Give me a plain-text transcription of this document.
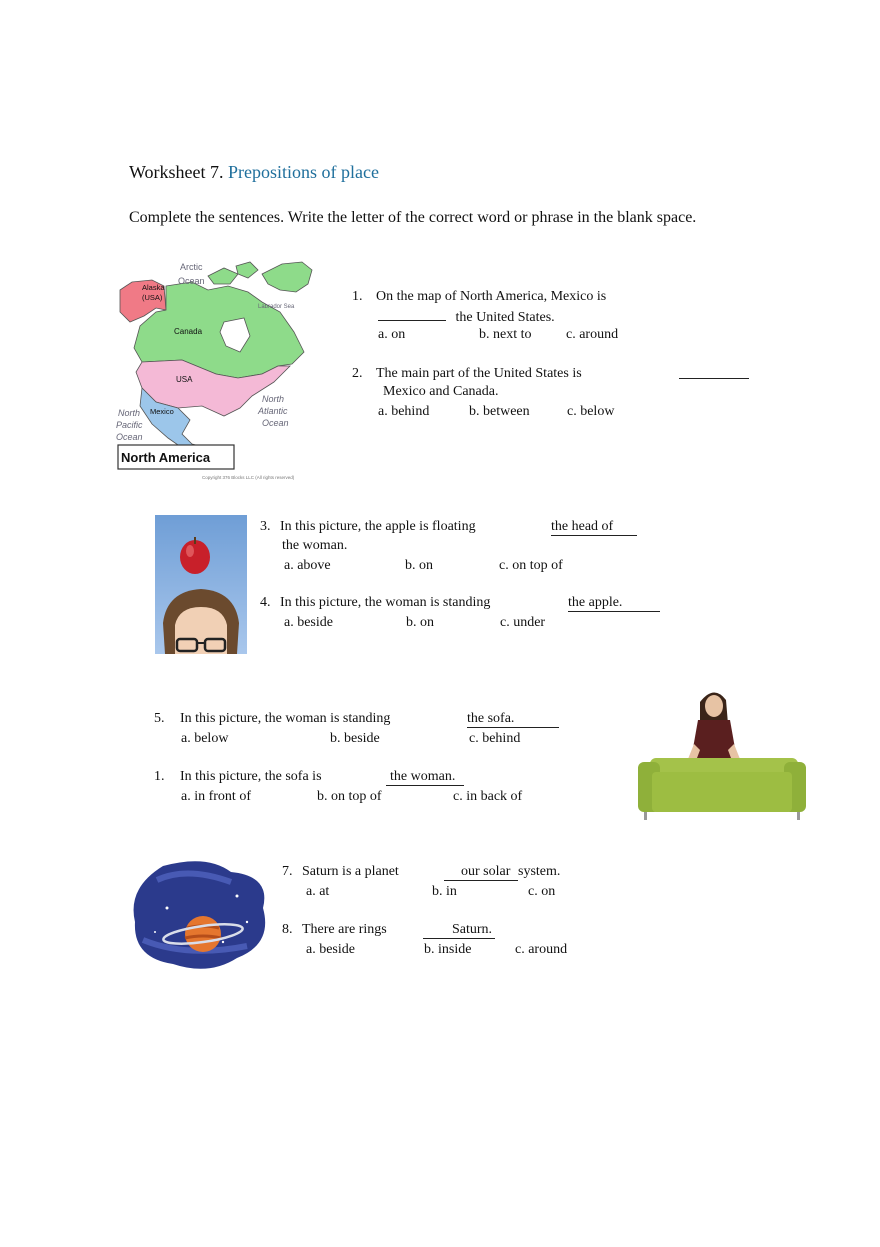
Worksheet 7. Prepositions of place
Complete the sentences. Write the letter of the correct word or phrase in the blank space.
Arctic
Ocean
Alaska
(USA)
Labrador Sea
Canada
USA
Mexico
North
Atlantic
Ocean
North
Pacific
Ocean
North America
Copyright 376 Blocks LLC (All rights reserved)
1. On the map of North America, Mexico is
the United States.
a. on	b. next to c. around
2. The main part of the United States is
Mexico and Canada.
a. behind	b. between	c. below
3. In this picture, the apple is floating	the head of
the woman.
a. above	b. on	c. on top of
4. In this picture, the woman is standing	the apple.
a. beside	b. on	c. under
5. In this picture, the woman is standing	the sofa.
a. below	b. beside	c. behind
1. In this picture, the sofa is	the woman.
a. in front of	b. on top of	c. in back of
7. Saturn is a planet	our solar system.
a. at	b. in	c. on
8. There are rings	Saturn.
a. beside	b. inside	c. around
